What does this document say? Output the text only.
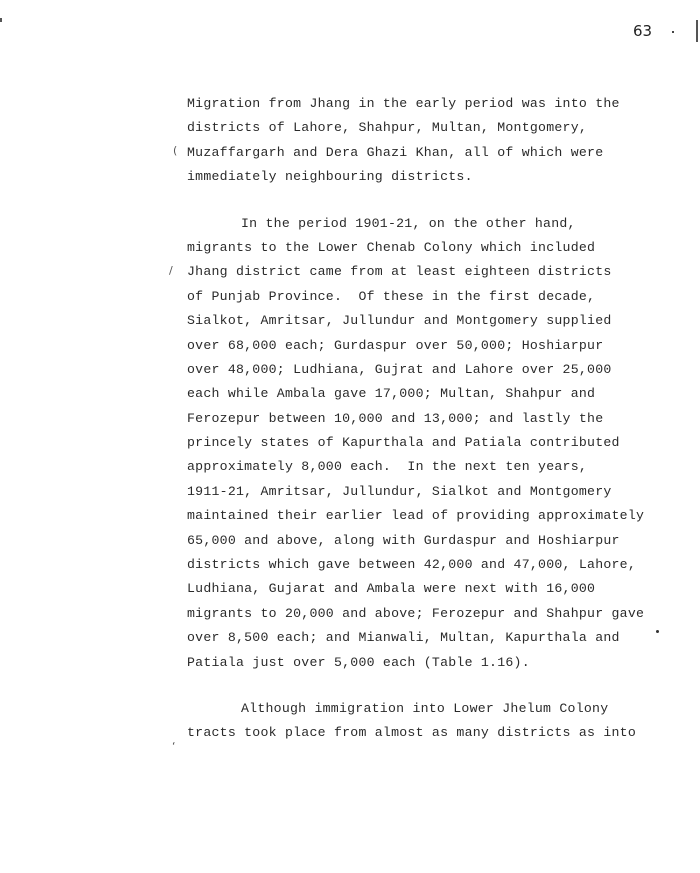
63
(
/
‘
Migration from Jhang in the early period was into the
districts of Lahore, Shahpur, Multan, Montgomery,
Muzaffargarh and Dera Ghazi Khan, all of which were
immediately neighbouring districts.
In the period 1901-21, on the other hand,
migrants to the Lower Chenab Colony which included
Jhang district came from at least eighteen districts
of Punjab Province.  Of these in the first decade,
Sialkot, Amritsar, Jullundur and Montgomery supplied
over 68,000 each; Gurdaspur over 50,000; Hoshiarpur
over 48,000; Ludhiana, Gujrat and Lahore over 25,000
each while Ambala gave 17,000; Multan, Shahpur and
Ferozepur between 10,000 and 13,000; and lastly the
princely states of Kapurthala and Patiala contributed
approximately 8,000 each.  In the next ten years,
1911-21, Amritsar, Jullundur, Sialkot and Montgomery
maintained their earlier lead of providing approximately
65,000 and above, along with Gurdaspur and Hoshiarpur
districts which gave between 42,000 and 47,000, Lahore,
Ludhiana, Gujarat and Ambala were next with 16,000
migrants to 20,000 and above; Ferozepur and Shahpur gave
over 8,500 each; and Mianwali, Multan, Kapurthala and
Patiala just over 5,000 each (Table 1.16).
Although immigration into Lower Jhelum Colony
tracts took place from almost as many districts as into
